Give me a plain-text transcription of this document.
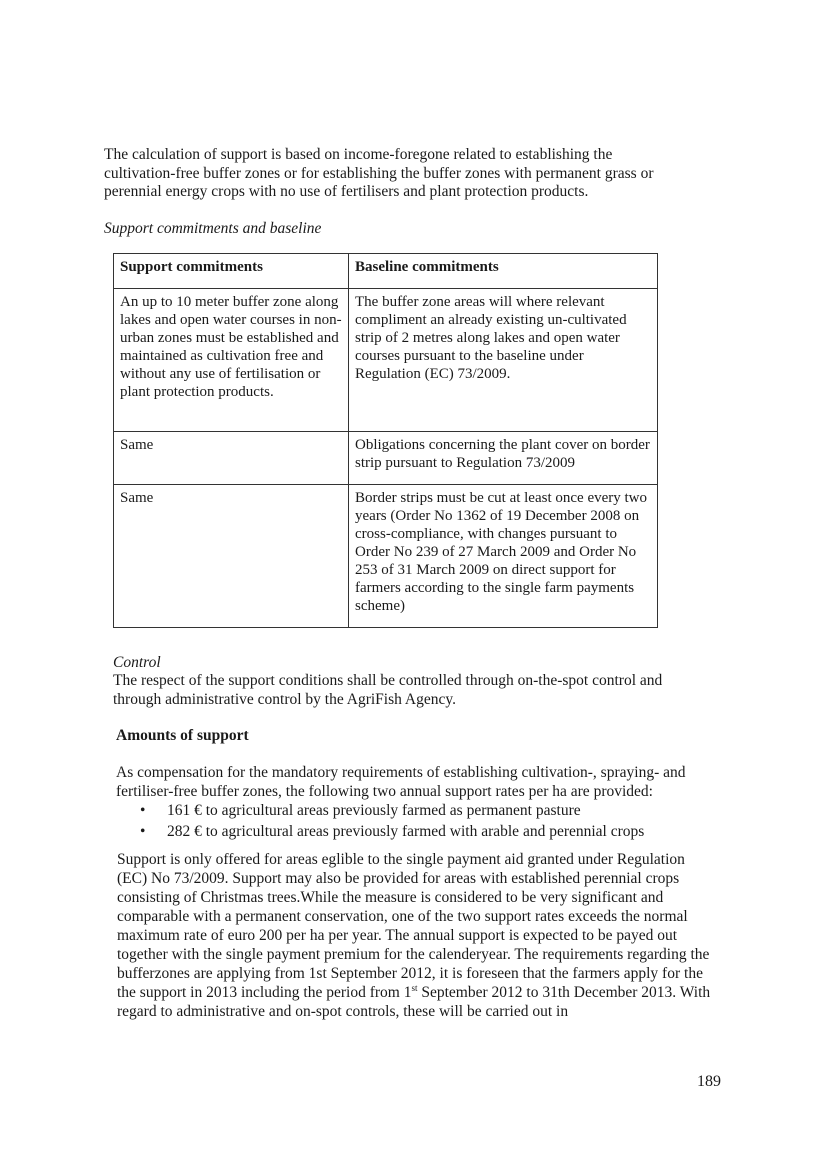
The calculation of support is based on income-foregone related to establishing the cultivation-free buffer zones or for establishing the buffer zones with permanent grass or perennial energy crops with no use of fertilisers and plant protection products.

Support commitments and baseline

Support commitments	Baseline commitments
An up to 10 meter buffer zone along lakes and open water courses in non-urban zones must be established and maintained as cultivation free and without any use of fertilisation or plant protection products.	The buffer zone areas will where relevant compliment an already existing un-cultivated strip of 2 metres along lakes and open water courses pursuant to the baseline under Regulation (EC) 73/2009.
Same	Obligations concerning the plant cover on border strip pursuant to Regulation 73/2009
Same	Border strips must be cut at least once every two years (Order No 1362 of 19 December 2008 on cross-compliance, with changes pursuant to Order No 239 of 27 March 2009 and Order No 253 of 31 March 2009 on direct support for farmers according to the single farm payments scheme)

Control

The respect of the support conditions shall be controlled through on-the-spot control and through administrative control by the AgriFish Agency.

Amounts of support

As compensation for the mandatory requirements of establishing cultivation-, spraying- and fertiliser-free buffer zones, the following two annual support rates per ha are provided:

• 161 € to agricultural areas previously farmed as permanent pasture
• 282 € to agricultural areas previously farmed with arable and perennial crops

Support is only offered for areas eglible to the single payment aid granted under Regulation (EC) No 73/2009. Support may also be provided for areas with established perennial crops consisting of Christmas trees.While the measure is considered to be very significant and comparable with a permanent conservation, one of the two support rates exceeds the normal maximum rate of euro 200 per ha per year. The annual support is expected to be payed out together with the single payment premium for the calenderyear. The requirements regarding the bufferzones are applying from 1st September 2012, it is foreseen that the farmers apply for the the support in 2013 including the period from 1st September 2012 to 31th December 2013. With regard to administrative and on-spot controls, these will be carried out in

189
